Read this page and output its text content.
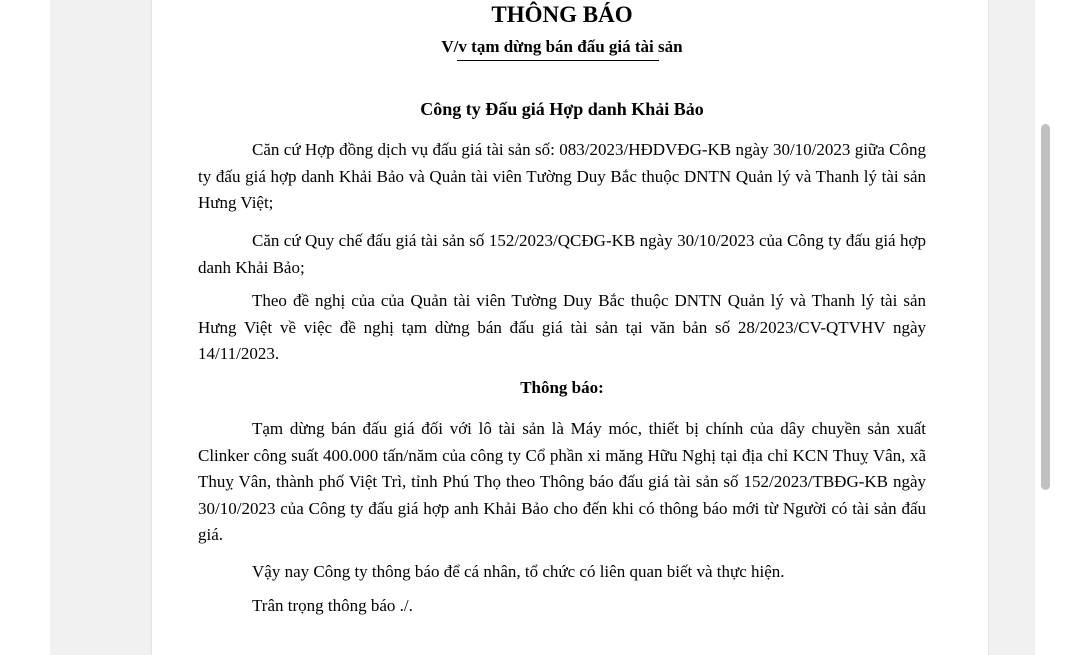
THÔNG BÁO
V/v tạm dừng bán đấu giá tài sản
Công ty Đấu giá Hợp danh Khải Bảo

Căn cứ Hợp đồng dịch vụ đấu giá tài sản số: 083/2023/HĐDVĐG-KB ngày 30/10/2023 giữa Công ty đấu giá hợp danh Khải Bảo và Quản tài viên Tường Duy Bắc thuộc DNTN Quản lý và Thanh lý tài sản Hưng Việt;

Căn cứ Quy chế đấu giá tài sản số 152/2023/QCĐG-KB ngày 30/10/2023 của Công ty đấu giá hợp danh Khải Bảo;

Theo đề nghị của của Quản tài viên Tường Duy Bắc thuộc DNTN Quản lý và Thanh lý tài sản Hưng Việt về việc đề nghị tạm dừng bán đấu giá tài sản tại văn bản số 28/2023/CV-QTVHV ngày 14/11/2023.

Thông báo:

Tạm dừng bán đấu giá đối với lô tài sản là Máy móc, thiết bị chính của dây chuyền sản xuất Clinker công suất 400.000 tấn/năm của công ty Cổ phần xi măng Hữu Nghị tại địa chỉ KCN Thuỵ Vân, xã Thuỵ Vân, thành phố Việt Trì, tỉnh Phú Thọ theo Thông báo đấu giá tài sản số 152/2023/TBĐG-KB ngày 30/10/2023 của Công ty đấu giá hợp anh Khải Bảo cho đến khi có thông báo mới từ Người có tài sản đấu giá.

Vậy nay Công ty thông báo để cá nhân, tổ chức có liên quan biết và thực hiện.

Trân trọng thông báo ./.
